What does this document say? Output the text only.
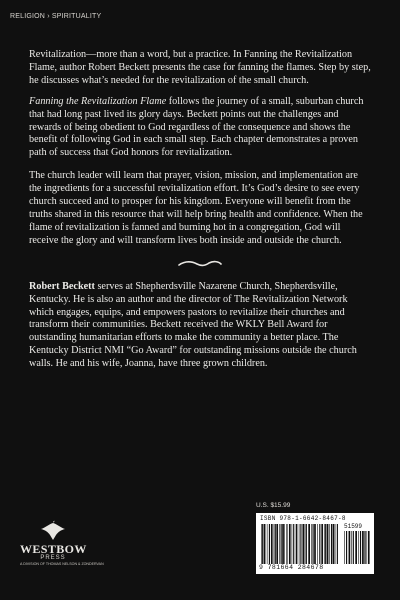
RELIGION › SPIRITUALITY

Revitalization—more than a word, but a practice. In Fanning the Revitalization Flame, author Robert Beckett presents the case for fanning the flames. Step by step, he discusses what’s needed for the revitalization of the small church.

Fanning the Revitalization Flame follows the journey of a small, suburban church that had long past lived its glory days. Beckett points out the challenges and rewards of being obedient to God regardless of the consequence and shows the benefit of following God in each small step. Each chapter demonstrates a proven path of success that God honors for revitalization.

The church leader will learn that prayer, vision, mission, and implementation are the ingredients for a successful revitalization effort. It’s God’s desire to see every church succeed and to prosper for his kingdom. Everyone will benefit from the truths shared in this resource that will help bring health and confidence. When the flame of revitalization is fanned and burning hot in a congregation, God will receive the glory and will transform lives both inside and outside the church.

Robert Beckett serves at Shepherdsville Nazarene Church, Shepherdsville, Kentucky. He is also an author and the director of The Revitalization Network which engages, equips, and empowers pastors to revitalize their churches and transform their communities. Beckett received the WKLY Bell Award for outstanding humanitarian efforts to make the community a better place. The Kentucky District NMI “Go Award” for outstanding missions outside the church walls. He and his wife, Joanna, have three grown children.

U.S. $15.99
ISBN 978-1-6642-8467-8
51599
9 781664 284678
WESTBOW
PRESS
A DIVISION OF THOMAS NELSON & ZONDERVAN
